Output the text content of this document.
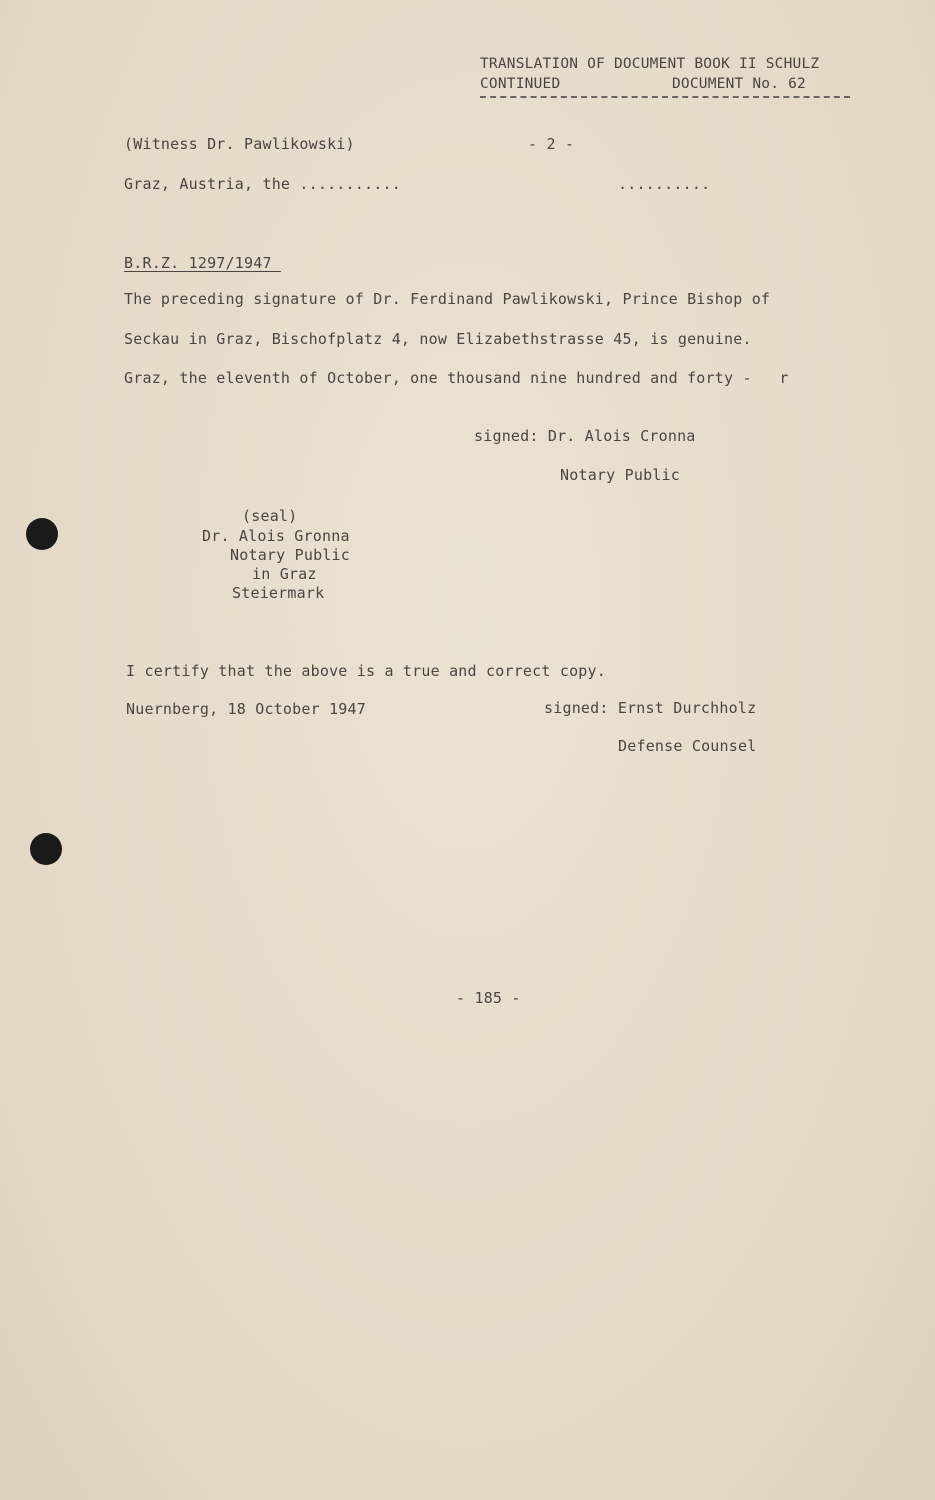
TRANSLATION OF DOCUMENT BOOK II SCHULZ
CONTINUED	DOCUMENT No. 62
(Witness Dr. Pawlikowski)	- 2 -
Graz, Austria, the ...........	..........
B.R.Z._1297/1947_
The preceding signature of Dr. Ferdinand Pawlikowski, Prince Bishop of
Seckau in Graz, Bischofplatz 4, now Elizabethstrasse 45, is genuine.
Graz, the eleventh of October, one thousand nine hundred and forty -   r
signed: Dr. Alois Cronna
Notary Public
(seal)
Dr. Alois Gronna
Notary Public
in Graz
Steiermark
I certify that the above is a true and correct copy.
Nuernberg, 18 October 1947	signed: Ernst Durchholz
Defense Counsel
- 185 -
